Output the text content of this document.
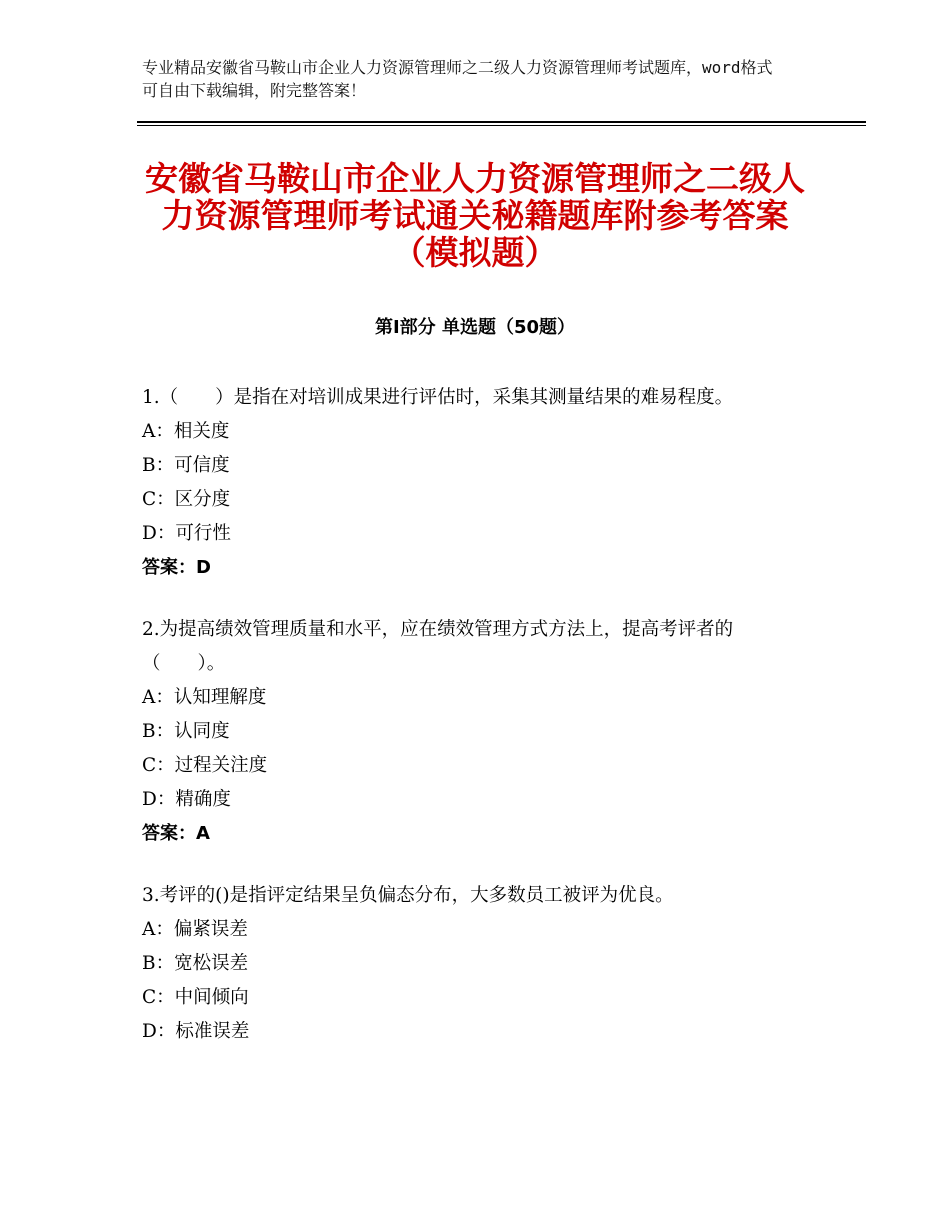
专业精品安徽省马鞍山市企业人力资源管理师之二级人力资源管理师考试题库，word格式可自由下载编辑，附完整答案！
安徽省马鞍山市企业人力资源管理师之二级人力资源管理师考试通关秘籍题库附参考答案（模拟题）
第Ⅰ部分 单选题（50题）
1.（　　）是指在对培训成果进行评估时，采集其测量结果的难易程度。
A：相关度
B：可信度
C：区分度
D：可行性
答案：D
2.为提高绩效管理质量和水平，应在绩效管理方式方法上，提高考评者的（　　）。
A：认知理解度
B：认同度
C：过程关注度
D：精确度
答案：A
3.考评的()是指评定结果呈负偏态分布，大多数员工被评为优良。
A：偏紧误差
B：宽松误差
C：中间倾向
D：标准误差
